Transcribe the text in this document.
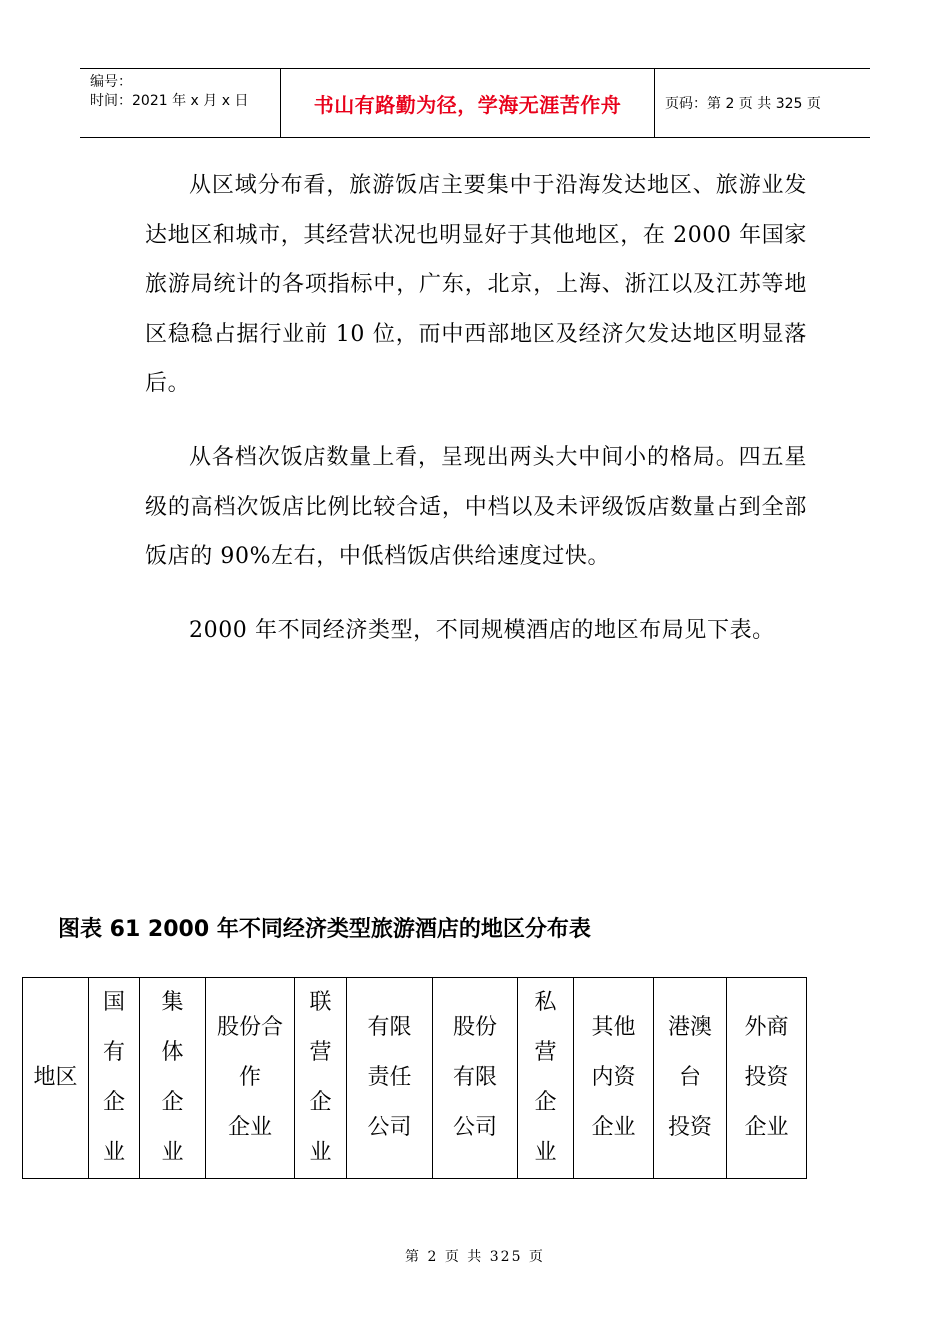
编号：
时间：2021 年 x 月 x 日	书山有路勤为径，学海无涯苦作舟	页码：第 2 页 共 325 页

从区域分布看，旅游饭店主要集中于沿海发达地区、旅游业发达地区和城市，其经营状况也明显好于其他地区，在 2000 年国家旅游局统计的各项指标中，广东，北京，上海、浙江以及江苏等地区稳稳占据行业前 10 位，而中西部地区及经济欠发达地区明显落后。

从各档次饭店数量上看，呈现出两头大中间小的格局。四五星级的高档次饭店比例比较合适，中档以及未评级饭店数量占到全部饭店的 90%左右，中低档饭店供给速度过快。

2000 年不同经济类型，不同规模酒店的地区布局见下表。

图表 61 2000 年不同经济类型旅游酒店的地区分布表
地区

国
有
企
业

集
体
企
业

股份合
作
企业

联
营
企
业

有限
责任
公司

股份
有限
公司

私
营
企
业

其他
内资
企业

港澳
台
投资

外商
投资
企业
第 2 页 共 325 页
